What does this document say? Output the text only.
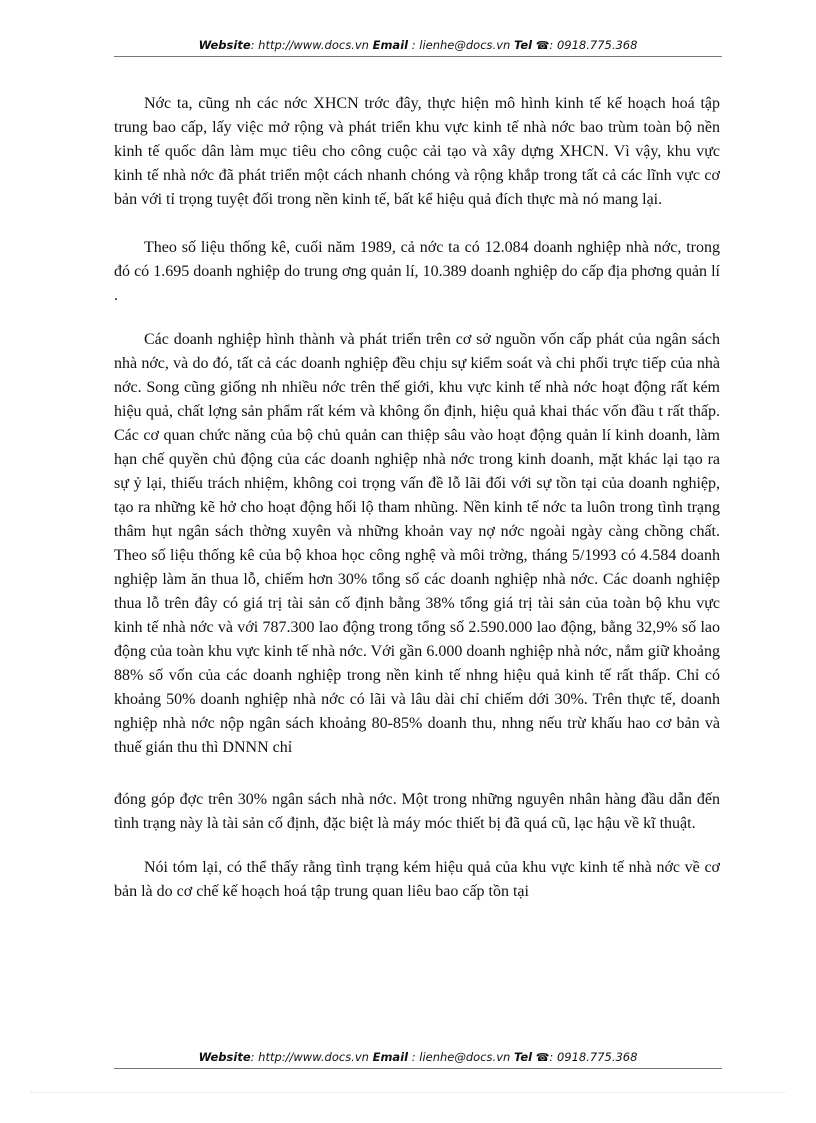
Website: http://www.docs.vn Email : lienhe@docs.vn Tel ☎: 0918.775.368

Nớc ta, cũng nh các nớc XHCN trớc đây, thực hiện mô hình kinh tế kế hoạch hoá tập trung bao cấp, lấy việc mở rộng và phát triển khu vực kinh tế nhà nớc bao trùm toàn bộ nền kinh tế quốc dân làm mục tiêu cho công cuộc cải tạo và xây dựng XHCN. Vì vậy, khu vực kinh tế nhà nớc đã phát triển một cách nhanh chóng và rộng khắp trong tất cả các lĩnh vực cơ bản với tỉ trọng tuyệt đối trong nền kinh tế, bất kể hiệu quả đích thực mà nó mang lại.

Theo số liệu thống kê, cuối năm 1989, cả nớc ta có 12.084 doanh nghiệp nhà nớc, trong đó có 1.695 doanh nghiệp do trung ơng quản lí, 10.389 doanh nghiệp do cấp địa phơng quản lí .

Các doanh nghiệp hình thành và phát triển trên cơ sở nguồn vốn cấp phát của ngân sách nhà nớc, và do đó, tất cả các doanh nghiệp đều chịu sự kiểm soát và chi phối trực tiếp của nhà nớc. Song cũng giống nh nhiều nớc trên thế giới, khu vực kinh tế nhà nớc hoạt động rất kém hiệu quả, chất lợng sản phẩm rất kém và không ổn định, hiệu quả khai thác vốn đầu t rất thấp. Các cơ quan chức năng của bộ chủ quản can thiệp sâu vào hoạt động quản lí kinh doanh, làm hạn chế quyền chủ động của các doanh nghiệp nhà nớc trong kinh doanh, mặt khác lại tạo ra sự ỷ lại, thiếu trách nhiệm, không coi trọng vấn đề lỗ lãi đối với sự tồn tại của doanh nghiệp, tạo ra những kẽ hở cho hoạt động hối lộ tham nhũng. Nền kinh tế nớc ta luôn trong tình trạng thâm hụt ngân sách thờng xuyên và những khoản vay nợ nớc ngoài ngày càng chồng chất. Theo số liệu thống kê của bộ khoa học công nghệ và môi trờng, tháng 5/1993 có 4.584 doanh nghiệp làm ăn thua lỗ, chiếm hơn 30% tổng số các doanh nghiệp nhà nớc. Các doanh nghiệp thua lỗ trên đây có giá trị tài sản cố định bằng 38% tổng giá trị tài sản của toàn bộ khu vực kinh tế nhà nớc và với 787.300 lao động trong tổng số 2.590.000 lao động, bằng 32,9% số lao động của toàn khu vực kinh tế nhà nớc. Với gần 6.000 doanh nghiệp nhà nớc, nắm giữ khoảng 88% số vốn của các doanh nghiệp trong nền kinh tế nhng hiệu quả kinh tế rất thấp. Chỉ có khoảng 50% doanh nghiệp nhà nớc có lãi và lâu dài chỉ chiếm dới 30%. Trên thực tế, doanh nghiệp nhà nớc nộp ngân sách khoảng 80-85% doanh thu, nhng nếu trừ khấu hao cơ bản và thuế gián thu thì DNNN chỉ

đóng góp đợc trên 30% ngân sách nhà nớc. Một trong những nguyên nhân hàng đầu dẫn đến tình trạng này là tài sản cố định, đặc biệt là máy móc thiết bị đã quá cũ, lạc hậu về kĩ thuật.

Nói tóm lại, có thể thấy rằng tình trạng kém hiệu quả của khu vực kinh tế nhà nớc về cơ bản là do cơ chế kế hoạch hoá tập trung quan liêu bao cấp tồn tại

Website: http://www.docs.vn Email : lienhe@docs.vn Tel ☎: 0918.775.368
